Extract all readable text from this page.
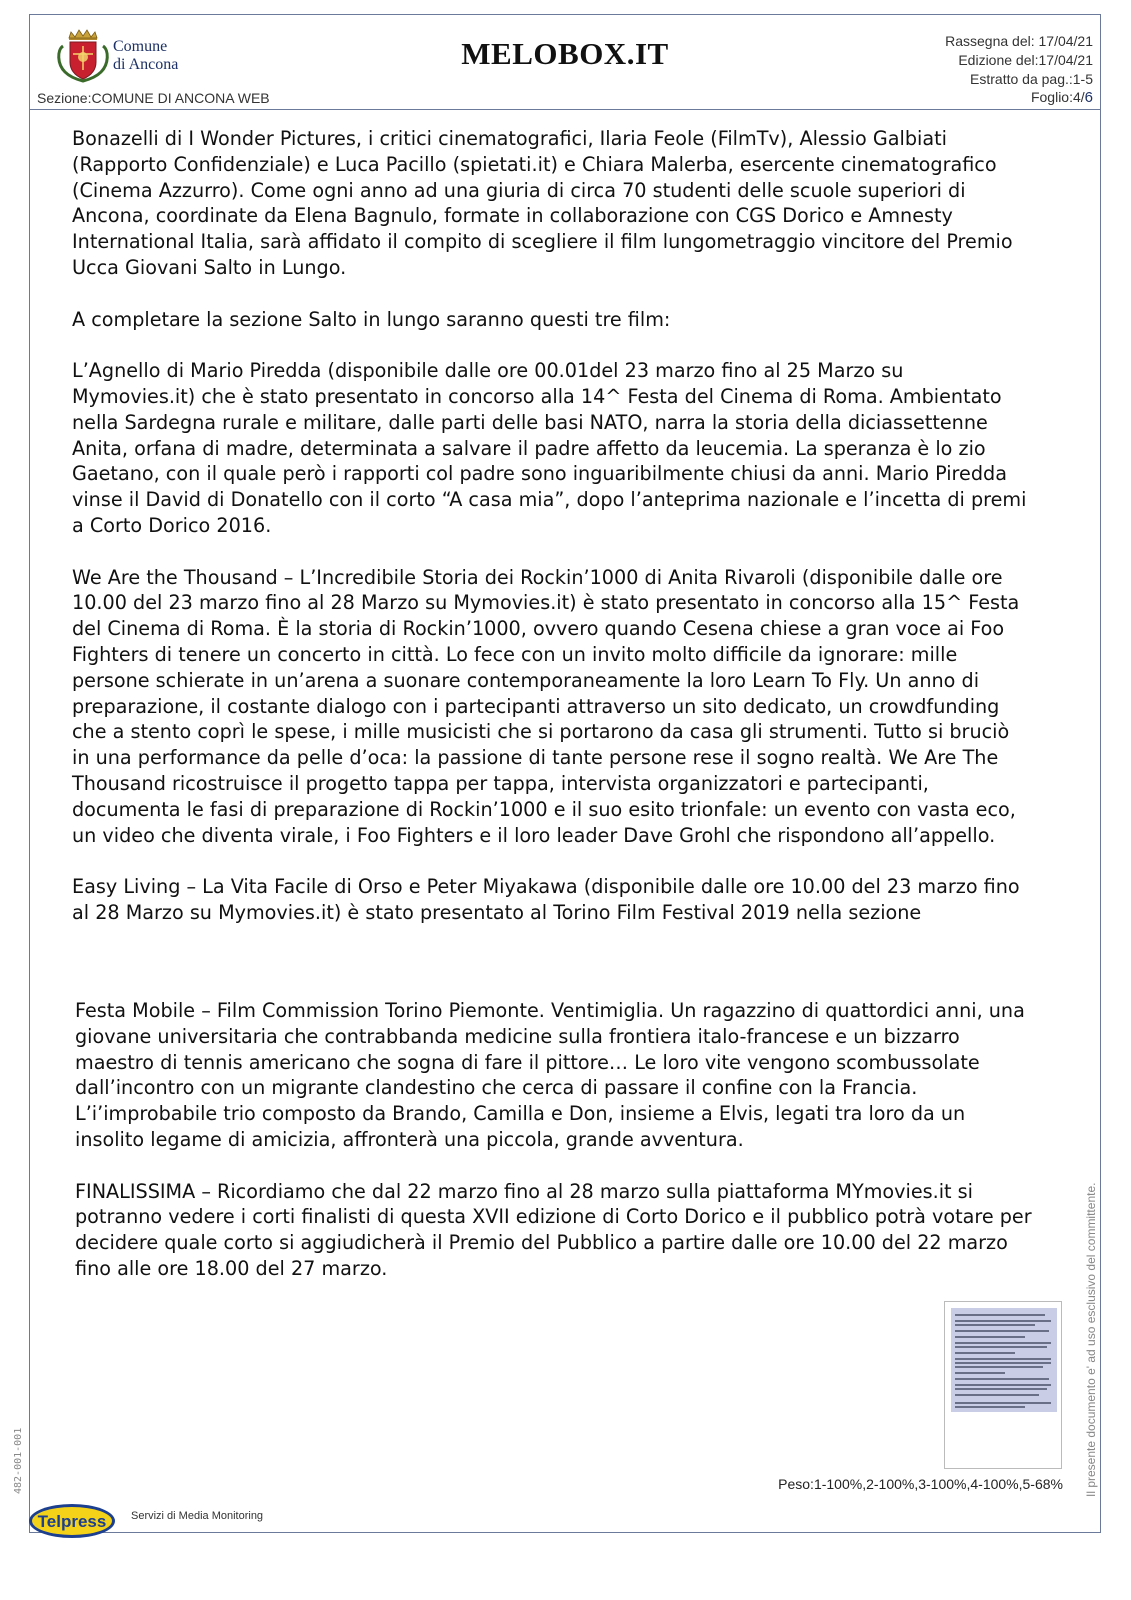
Comune
di Ancona	MELOBOX.IT	Rassegna del: 17/04/21
Edizione del:17/04/21
Estratto da pag.:1-5
Sezione:COMUNE DI ANCONA WEB	Foglio:4/6

Bonazelli di I Wonder Pictures, i critici cinematografici, Ilaria Feole (FilmTv), Alessio Galbiati (Rapporto Confidenziale) e Luca Pacillo (spietati.it) e Chiara Malerba, esercente cinematografico (Cinema Azzurro). Come ogni anno ad una giuria di circa 70 studenti delle scuole superiori di Ancona, coordinate da Elena Bagnulo, formate in collaborazione con CGS Dorico e Amnesty International Italia, sarà affidato il compito di scegliere il film lungometraggio vincitore del Premio Ucca Giovani Salto in Lungo.

A completare la sezione Salto in lungo saranno questi tre film:

L’Agnello di Mario Piredda (disponibile dalle ore 00.01del 23 marzo fino al 25 Marzo su Mymovies.it) che è stato presentato in concorso alla 14^ Festa del Cinema di Roma. Ambientato nella Sardegna rurale e militare, dalle parti delle basi NATO, narra la storia della diciassettenne Anita, orfana di madre, determinata a salvare il padre affetto da leucemia. La speranza è lo zio Gaetano, con il quale però i rapporti col padre sono inguaribilmente chiusi da anni. Mario Piredda vinse il David di Donatello con il corto “A casa mia”, dopo l’anteprima nazionale e l’incetta di premi a Corto Dorico 2016.

We Are the Thousand – L’Incredibile Storia dei Rockin’1000 di Anita Rivaroli (disponibile dalle ore 10.00 del 23 marzo fino al 28 Marzo su Mymovies.it) è stato presentato in concorso alla 15^ Festa del Cinema di Roma. È la storia di Rockin’1000, ovvero quando Cesena chiese a gran voce ai Foo Fighters di tenere un concerto in città. Lo fece con un invito molto difficile da ignorare: mille persone schierate in un’arena a suonare contemporaneamente la loro Learn To Fly. Un anno di preparazione, il costante dialogo con i partecipanti attraverso un sito dedicato, un crowdfunding che a stento coprì le spese, i mille musicisti che si portarono da casa gli strumenti. Tutto si bruciò in una performance da pelle d’oca: la passione di tante persone rese il sogno realtà. We Are The Thousand ricostruisce il progetto tappa per tappa, intervista organizzatori e partecipanti, documenta le fasi di preparazione di Rockin’1000 e il suo esito trionfale: un evento con vasta eco, un video che diventa virale, i Foo Fighters e il loro leader Dave Grohl che rispondono all’appello.

Easy Living – La Vita Facile di Orso e Peter Miyakawa (disponibile dalle ore 10.00 del 23 marzo fino al 28 Marzo su Mymovies.it) è stato presentato al Torino Film Festival 2019 nella sezione

Festa Mobile – Film Commission Torino Piemonte. Ventimiglia. Un ragazzino di quattordici anni, una giovane universitaria che contrabbanda medicine sulla frontiera italo-francese e un bizzarro maestro di tennis americano che sogna di fare il pittore… Le loro vite vengono scombussolate dall’incontro con un migrante clandestino che cerca di passare il confine con la Francia. L’i’improbabile trio composto da Brando, Camilla e Don, insieme a Elvis, legati tra loro da un insolito legame di amicizia, affronterà una piccola, grande avventura.

FINALISSIMA – Ricordiamo che dal 22 marzo fino al 28 marzo sulla piattaforma MYmovies.it si potranno vedere i corti finalisti di questa XVII edizione di Corto Dorico e il pubblico potrà votare per decidere quale corto si aggiudicherà il Premio del Pubblico a partire dalle ore 10.00 del 22 marzo fino alle ore 18.00 del 27 marzo.

Peso:1-100%,2-100%,3-100%,4-100%,5-68% Il presente documento e' ad uso esclusivo del committente.
482-001-001
Telpress Servizi di Media Monitoring
